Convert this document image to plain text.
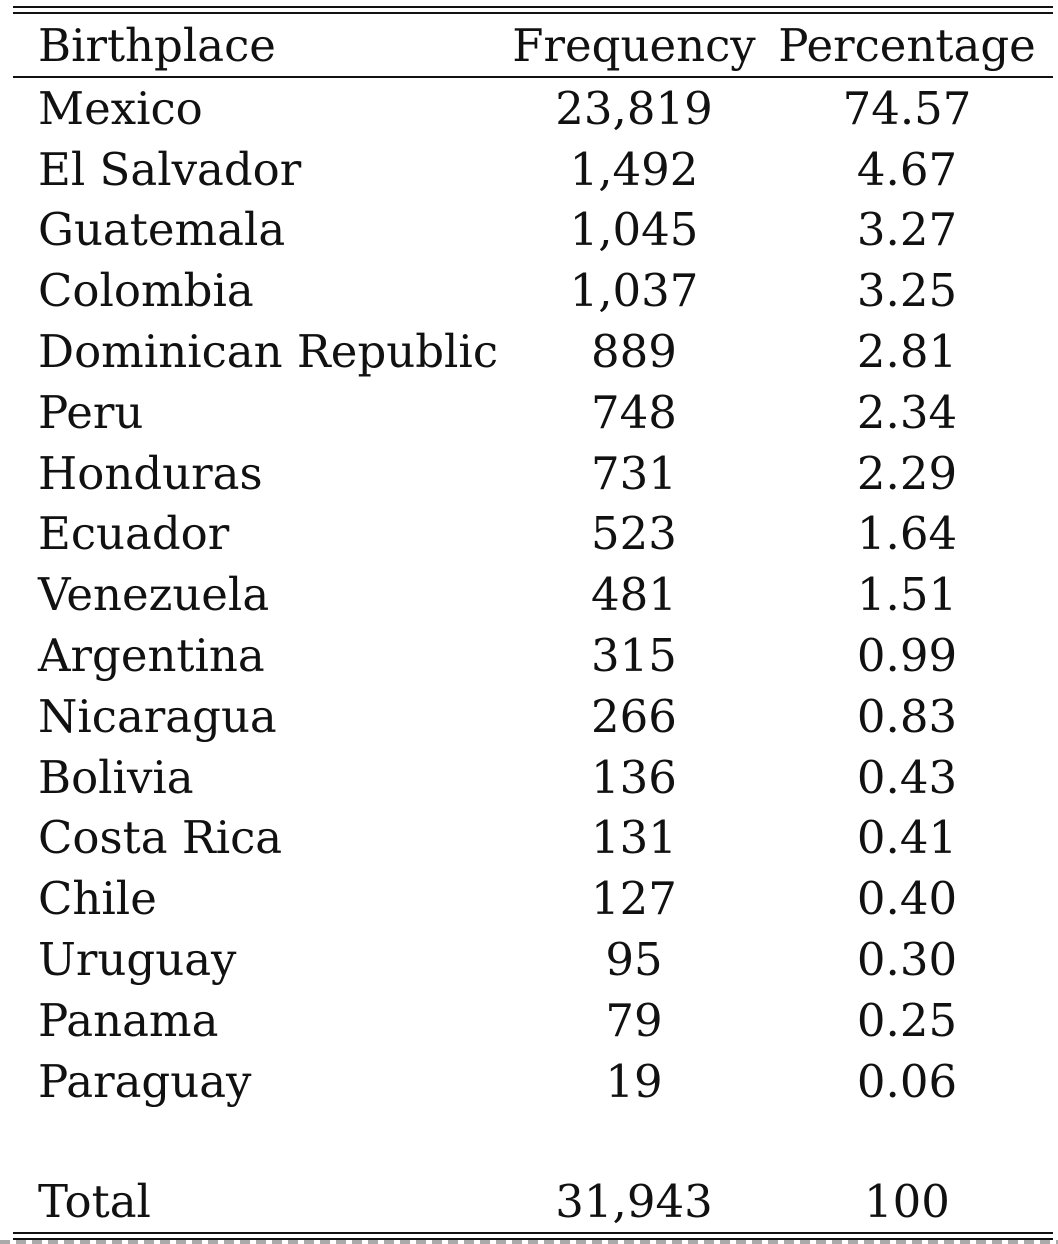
Birthplace	Frequency Percentage
Mexico	23,819	74.57
El Salvador	1,492	4.67
Guatemala	1,045	3.27
Colombia	1,037	3.25
Dominican Republic	889	2.81
Peru	748	2.34
Honduras	731	2.29
Ecuador	523	1.64
Venezuela	481	1.51
Argentina	315	0.99
Nicaragua	266	0.83
Bolivia	136	0.43
Costa Rica	131	0.41
Chile	127	0.40
Uruguay	95	0.30
Panama	79	0.25
Paraguay	19	0.06
Total	31,943	100
